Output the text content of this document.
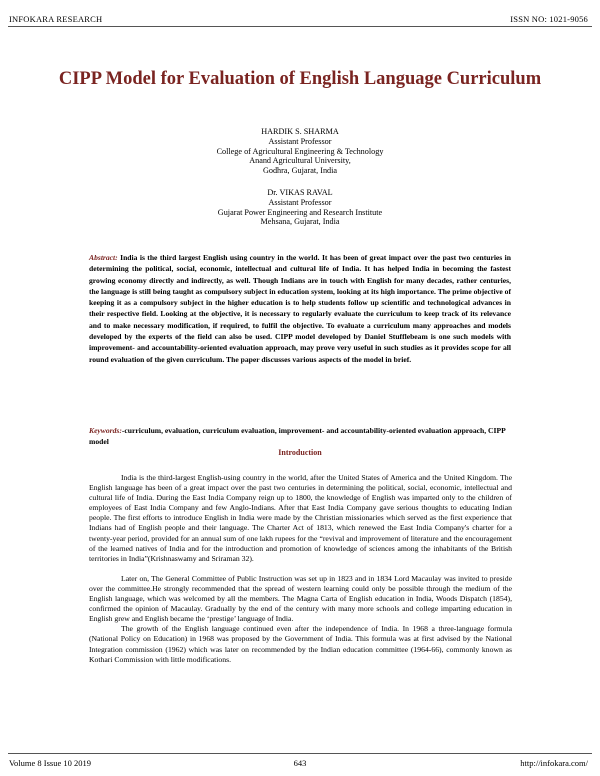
INFOKARA RESEARCH	ISSN NO: 1021-9056
CIPP Model for Evaluation of English Language Curriculum
HARDIK S. SHARMA
Assistant Professor
College of Agricultural Engineering & Technology
Anand Agricultural University,
Godhra, Gujarat, India
Dr. VIKAS RAVAL
Assistant Professor
Gujarat Power Engineering and Research Institute
Mehsana, Gujarat, India
Abstract: India is the third largest English using country in the world. It has been of great impact over the past two centuries in determining the political, social, economic, intellectual and cultural life of India. It has helped India in becoming the fastest growing economy directly and indirectly, as well. Though Indians are in touch with English for many decades, rather centuries, the language is still being taught as compulsory subject in education system, looking at its high importance. The prime objective of keeping it as a compulsory subject in the higher education is to help students follow up scientific and technological advances in their respective field. Looking at the objective, it is necessary to regularly evaluate the curriculum to keep track of its relevance and to make necessary modification, if required, to fulfil the objective. To evaluate a curriculum many approaches and models developed by the experts of the field can also be used. CIPP model developed by Daniel Stufflebeam is one such models with improvement- and accountability-oriented evaluation approach, may prove very useful in such studies as it provides scope for all round evaluation of the given curriculum. The paper discusses various aspects of the model in brief.
Keywords:-curriculum, evaluation, curriculum evaluation, improvement- and accountability-oriented evaluation approach, CIPP model
Introduction

India is the third-largest English-using country in the world, after the United States of America and the United Kingdom. The English language has been of a great impact over the past two centuries in determining the political, social, economic, intellectual and cultural life of India. During the East India Company reign up to 1800, the knowledge of English was imparted only to the children of employees of East India Company and few Anglo-Indians. After that East India Company gave serious thoughts to educating Indian people. The first efforts to introduce English in India were made by the Christian missionaries which served as the first experience that Indians had of English people and their language. The Charter Act of 1813, which renewed the East India Company's charter for a twenty-year period, provided for an annual sum of one lakh rupees for the “revival and improvement of literature and the encouragement of the learned natives of India and for the introduction and promotion of knowledge of sciences among the inhabitants of the British territories in India”(Krishnaswamy and Sriraman 32).

Later on, The General Committee of Public Instruction was set up in 1823 and in 1834 Lord Macaulay was invited to preside over the committee.He strongly recommended that the spread of western learning could only be possible through the medium of the English language, which was welcomed by all the members. The Magna Carta of English education in India, Woods Dispatch (1854), confirmed the opinion of Macaulay. Gradually by the end of the century with many more schools and college imparting education in English grew and English became the ‘prestige’ language of India.

The growth of the English language continued even after the independence of India. In 1968 a three-language formula (National Policy on Education) in 1968 was proposed by the Government of India. This formula was at first advised by the National Integration commission (1962) which was later on recommended by the Indian education committee (1964-66), commonly known as Kothari Commission with little modifications.

Volume 8 Issue 10 2019	643	http://infokara.com/
